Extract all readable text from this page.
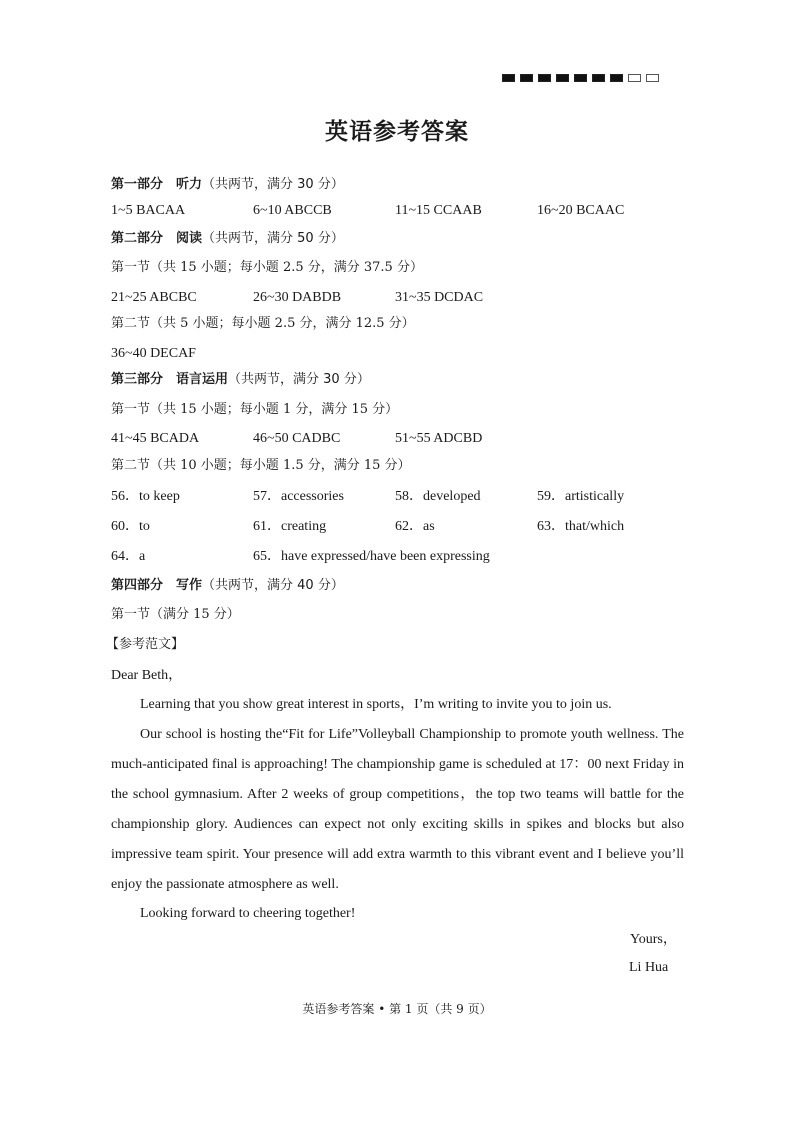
英语参考答案
第一部分　听力（共两节，满分 30 分）
1~5 BACAA	6~10 ABCCB	11~15 CCAAB	16~20 BCAAC
第二部分　阅读（共两节，满分 50 分）
第一节（共 15 小题；每小题 2.5 分，满分 37.5 分）
21~25 ABCBC	26~30 DABDB	31~35 DCDAC
第二节（共 5 小题；每小题 2.5 分，满分 12.5 分）
36~40 DECAF
第三部分　语言运用（共两节，满分 30 分）
第一节（共 15 小题；每小题 1 分，满分 15 分）
41~45 BCADA	46~50 CADBC	51~55 ADCBD
第二节（共 10 小题；每小题 1.5 分，满分 15 分）
56．to keep	57．accessories	58．developed	59．artistically
60．to	61．creating	62．as	63．that/which
64．a	65．have expressed/have been expressing
第四部分　写作（共两节，满分 40 分）
第一节（满分 15 分）
【参考范文】
Dear Beth，

Learning that you show great interest in sports，I’m writing to invite you to join us.

Our school is hosting the“Fit for Life”Volleyball Championship to promote youth wellness. The much-anticipated final is approaching! The championship game is scheduled at 17：00 next Friday in the school gymnasium. After 2 weeks of group competitions，the top two teams will battle for the championship glory. Audiences can expect not only exciting skills in spikes and blocks but also impressive team spirit. Your presence will add extra warmth to this vibrant event and I believe you’ll enjoy the passionate atmosphere as well.

Looking forward to cheering together!

Yours，
Li Hua
英语参考答案 • 第 1 页（共 9 页）
